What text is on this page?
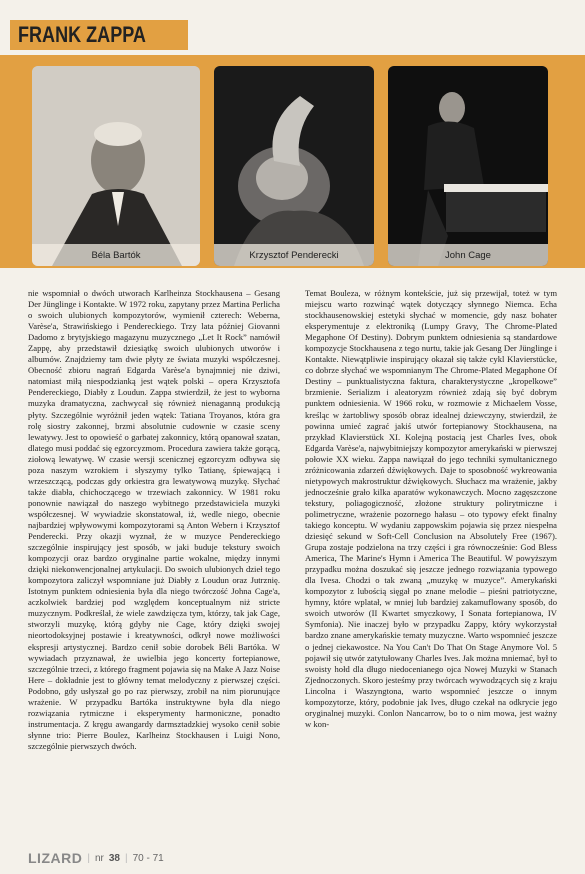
FRANK ZAPPA
Béla Bartók	Krzysztof Penderecki	John Cage

nie wspomniał o dwóch utworach Karlheinza Stockhausena – Gesang Der Jünglinge i Kontakte. W 1972 roku, zapytany przez Martina Perlicha o swoich ulubionych kompozytorów, wymienił czterech: Weberna, Varèse'a, Strawińskiego i Pendereckiego. Trzy lata później Giovanni Dadomo z brytyjskiego magazynu muzycznego „Let It Rock” namówił Zappę, aby przedstawił dziesiątkę swoich ulubionych utworów i albumów. Znajdziemy tam dwie płyty ze świata muzyki współczesnej. Obecność zbioru nagrań Edgarda Varèse'a bynajmniej nie dziwi, natomiast miłą niespodzianką jest wątek polski – opera Krzysztofa Pendereckiego, Diabły z Loudun. Zappa stwierdził, że jest to wyborna muzyka dramatyczna, zachwycał się również nienaganną produkcją płyty. Szczególnie wyróżnił jeden wątek: Tatiana Troyanos, która gra rolę siostry zakonnej, brzmi absolutnie cudownie w czasie sceny lewatywy. Jest to opowieść o garbatej zakonnicy, którą opanował szatan, dlatego musi poddać się egzorcyzmom. Procedura zawiera także gorącą, ziołową lewatywę. W czasie wersji scenicznej egzorcyzm odbywa się poza naszym wzrokiem i słyszymy tylko Tatianę, śpiewającą i wrzeszczącą, podczas gdy orkiestra gra lewatywową muzykę. Słychać także diabła, chichoczącego w trzewiach zakonnicy. W 1981 roku ponownie nawiązał do naszego wybitnego przedstawiciela muzyki współczesnej. W wywiadzie skonstatował, iż, wedle niego, obecnie najbardziej wpływowymi kompozytorami są Anton Webern i Krzysztof Penderecki. Przy okazji wyznał, że w muzyce Pendereckiego szczególnie inspirujący jest sposób, w jaki buduje tekstury swoich kompozycji oraz bardzo oryginalne partie wokalne, między innymi dzięki niekonwencjonalnej artykulacji. Do swoich ulubionych dzieł tego kompozytora zaliczył wspomniane już Diabły z Loudun oraz Jutrznię. Istotnym punktem odniesienia była dla niego twórczość Johna Cage'a, aczkolwiek bardziej pod względem konceptualnym niż stricte muzycznym. Podkreślał, że wiele zawdzięcza tym, którzy, tak jak Cage, stworzyli muzykę, którą gdyby nie Cage, który dzięki swojej nieortodoksyjnej postawie i kreatywności, odkrył nowe możliwości ekspresji artystycznej. Bardzo cenił sobie dorobek Béli Bartóka. W wywiadach przyznawał, że uwielbia jego koncerty fortepianowe, szczególnie trzeci, z którego fragment pojawia się na Make A Jazz Noise Here – dokładnie jest to główny temat melodyczny z pierwszej części. Podobno, gdy usłyszał go po raz pierwszy, zrobił na nim piorunujące wrażenie. W przypadku Bartóka instruktywne była dla niego rozwiązania rytmiczne i eksperymenty harmoniczne, ponadto instrumentacja. Z kręgu awangardy darmsztadzkiej wysoko cenił sobie słynne trio: Pierre Boulez, Karlheinz Stockhausen i Luigi Nono, szczególnie pierwszych dwóch.

Temat Bouleza, w różnym kontekście, już się przewijał, toteż w tym miejscu warto rozwinąć wątek dotyczący słynnego Niemca. Echa stockhausenowskiej estetyki słychać w momencie, gdy nasz bohater eksperymentuje z elektroniką (Lumpy Gravy, The Chrome-Plated Megaphone Of Destiny). Dobrym punktem odniesienia są standardowe kompozycje Stockhausena z tego nurtu, takie jak Gesang Der Jünglinge i Kontakte. Niewątpliwie inspirujący okazał się także cykl Klavierstücke, co dobrze słychać we wspomnianym The Chrome-Plated Megaphone Of Destiny – punktualistyczna faktura, charakterystyczne „kropelkowe” brzmienie. Serializm i aleatoryzm również zdają się być dobrym punktem odniesienia. W 1966 roku, w rozmowie z Michaelem Vosse, kreśląc w żartobliwy sposób obraz idealnej dziewczyny, stwierdził, że powinna umieć zagrać jakiś utwór fortepianowy Stockhausena, na przykład Klavierstück XI. Kolejną postacią jest Charles Ives, obok Edgarda Varèse'a, najwybitniejszy kompozytor amerykański w pierwszej połowie XX wieku. Zappa nawiązał do jego techniki symultanicznego zróżnicowania zdarzeń dźwiękowych. Daje to sposobność wykreowania nietypowych makrostruktur dźwiękowych. Słuchacz ma wrażenie, jakby jednocześnie grało kilka aparatów wykonawczych. Mocno zagęszczone tekstury, poliagogiczność, złożone struktury polirytmiczne i polimetryczne, wrażenie pozornego hałasu – oto typowy efekt finalny takiego konceptu. W wydaniu zappowskim pojawia się przez niespełna dziesięć sekund w Soft-Cell Conclusion na Absolutely Free (1967). Grupa zostaje podzielona na trzy części i gra równocześnie: God Bless America, The Marine's Hymn i America The Beautiful. W powyższym przypadku można doszukać się jeszcze jednego rozwiązania typowego dla Ivesa. Chodzi o tak zwaną „muzykę w muzyce”. Amerykański kompozytor z lubością sięgał po znane melodie – pieśni patriotyczne, hymny, które wplatał, w mniej lub bardziej zakamuflowany sposób, do swoich utworów (II Kwartet smyczkowy, I Sonata fortepianowa, IV Symfonia). Nie inaczej było w przypadku Zappy, który wykorzystał bardzo znane amerykańskie tematy muzyczne. Warto wspomnieć jeszcze o jednej ciekawostce. Na You Can't Do That On Stage Anymore Vol. 5 pojawił się utwór zatytułowany Charles Ives. Jak można mniemać, był to swoisty hołd dla długo niedocenianego ojca Nowej Muzyki w Stanach Zjednoczonych. Skoro jesteśmy przy twórcach wywodzących się z kraju Lincolna i Waszyngtona, warto wspomnieć jeszcze o innym kompozytorze, który, podobnie jak Ives, długo czekał na odkrycie jego oryginalnej muzyki. Conlon Nancarrow, bo to o nim mowa, jest ważny w kon-

LIZARD | nr 38 | 70 - 71
